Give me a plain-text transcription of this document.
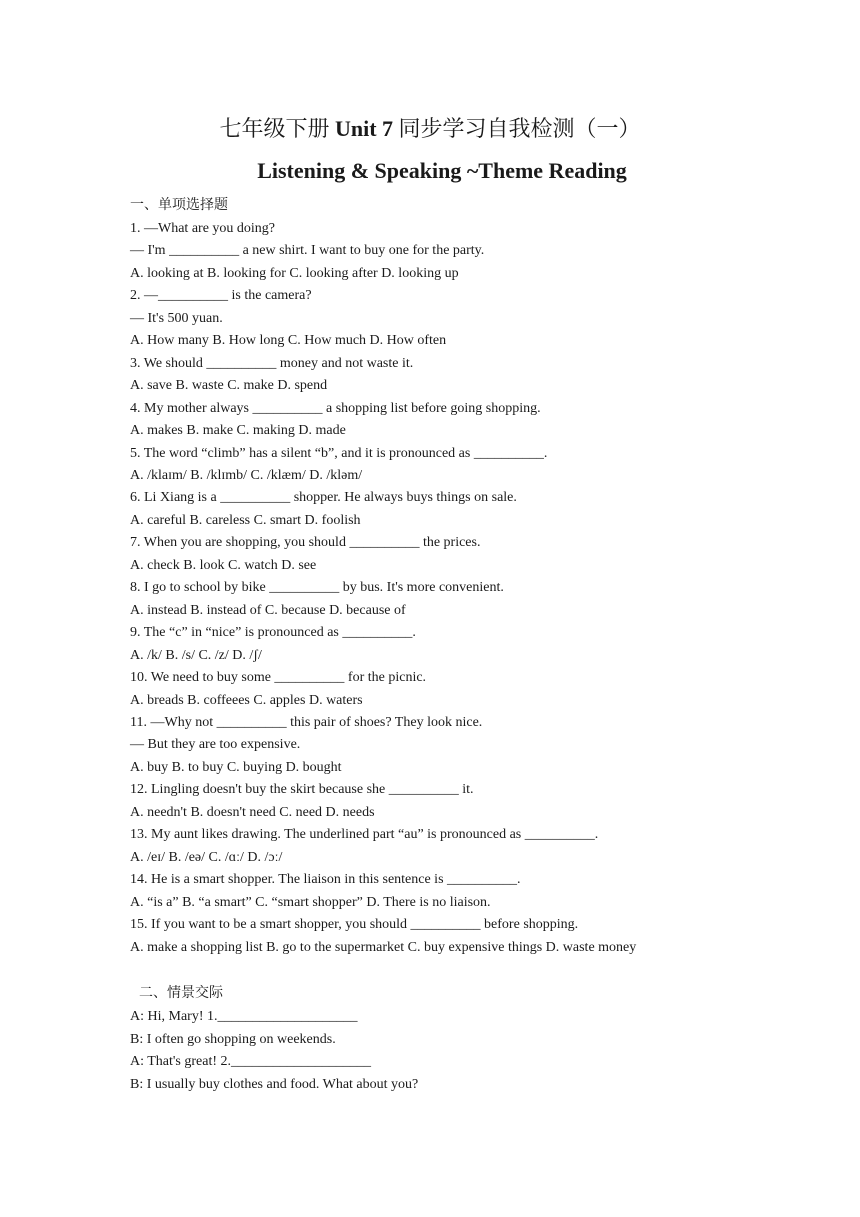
七年级下册 Unit 7 同步学习自我检测（一）
Listening & Speaking ~Theme Reading
一、单项选择题
1. —What are you doing?
— I'm __________ a new shirt. I want to buy one for the party.
A. looking at B. looking for C. looking after D. looking up
2. —__________ is the camera?
— It's 500 yuan.
A. How many B. How long C. How much D. How often
3. We should __________ money and not waste it.
A. save B. waste C. make D. spend
4. My mother always __________ a shopping list before going shopping.
A. makes B. make C. making D. made
5. The word “climb” has a silent “b”, and it is pronounced as __________.
A. /klaɪm/ B. /klɪmb/ C. /klæm/ D. /kləm/
6. Li Xiang is a __________ shopper. He always buys things on sale.
A. careful B. careless C. smart D. foolish
7. When you are shopping, you should __________ the prices.
A. check B. look C. watch D. see
8. I go to school by bike __________ by bus. It's more convenient.
A. instead B. instead of C. because D. because of
9. The “c” in “nice” is pronounced as __________.
A. /k/ B. /s/ C. /z/ D. /ʃ/
10. We need to buy some __________ for the picnic.
A. breads B. coffeees C. apples D. waters
11. —Why not __________ this pair of shoes? They look nice.
— But they are too expensive.
A. buy B. to buy C. buying D. bought
12. Lingling doesn't buy the skirt because she __________ it.
A. needn't B. doesn't need C. need D. needs
13. My aunt likes drawing. The underlined part “au” is pronounced as __________.
A. /eɪ/ B. /eə/ C. /ɑː/ D. /ɔː/
14. He is a smart shopper. The liaison in this sentence is __________.
A. “is a” B. “a smart” C. “smart shopper” D. There is no liaison.
15. If you want to be a smart shopper, you should __________ before shopping.
A. make a shopping list B. go to the supermarket C. buy expensive things D. waste money
二、情景交际
A: Hi, Mary! 1.____________________
B: I often go shopping on weekends.
A: That's great! 2.____________________
B: I usually buy clothes and food. What about you?
